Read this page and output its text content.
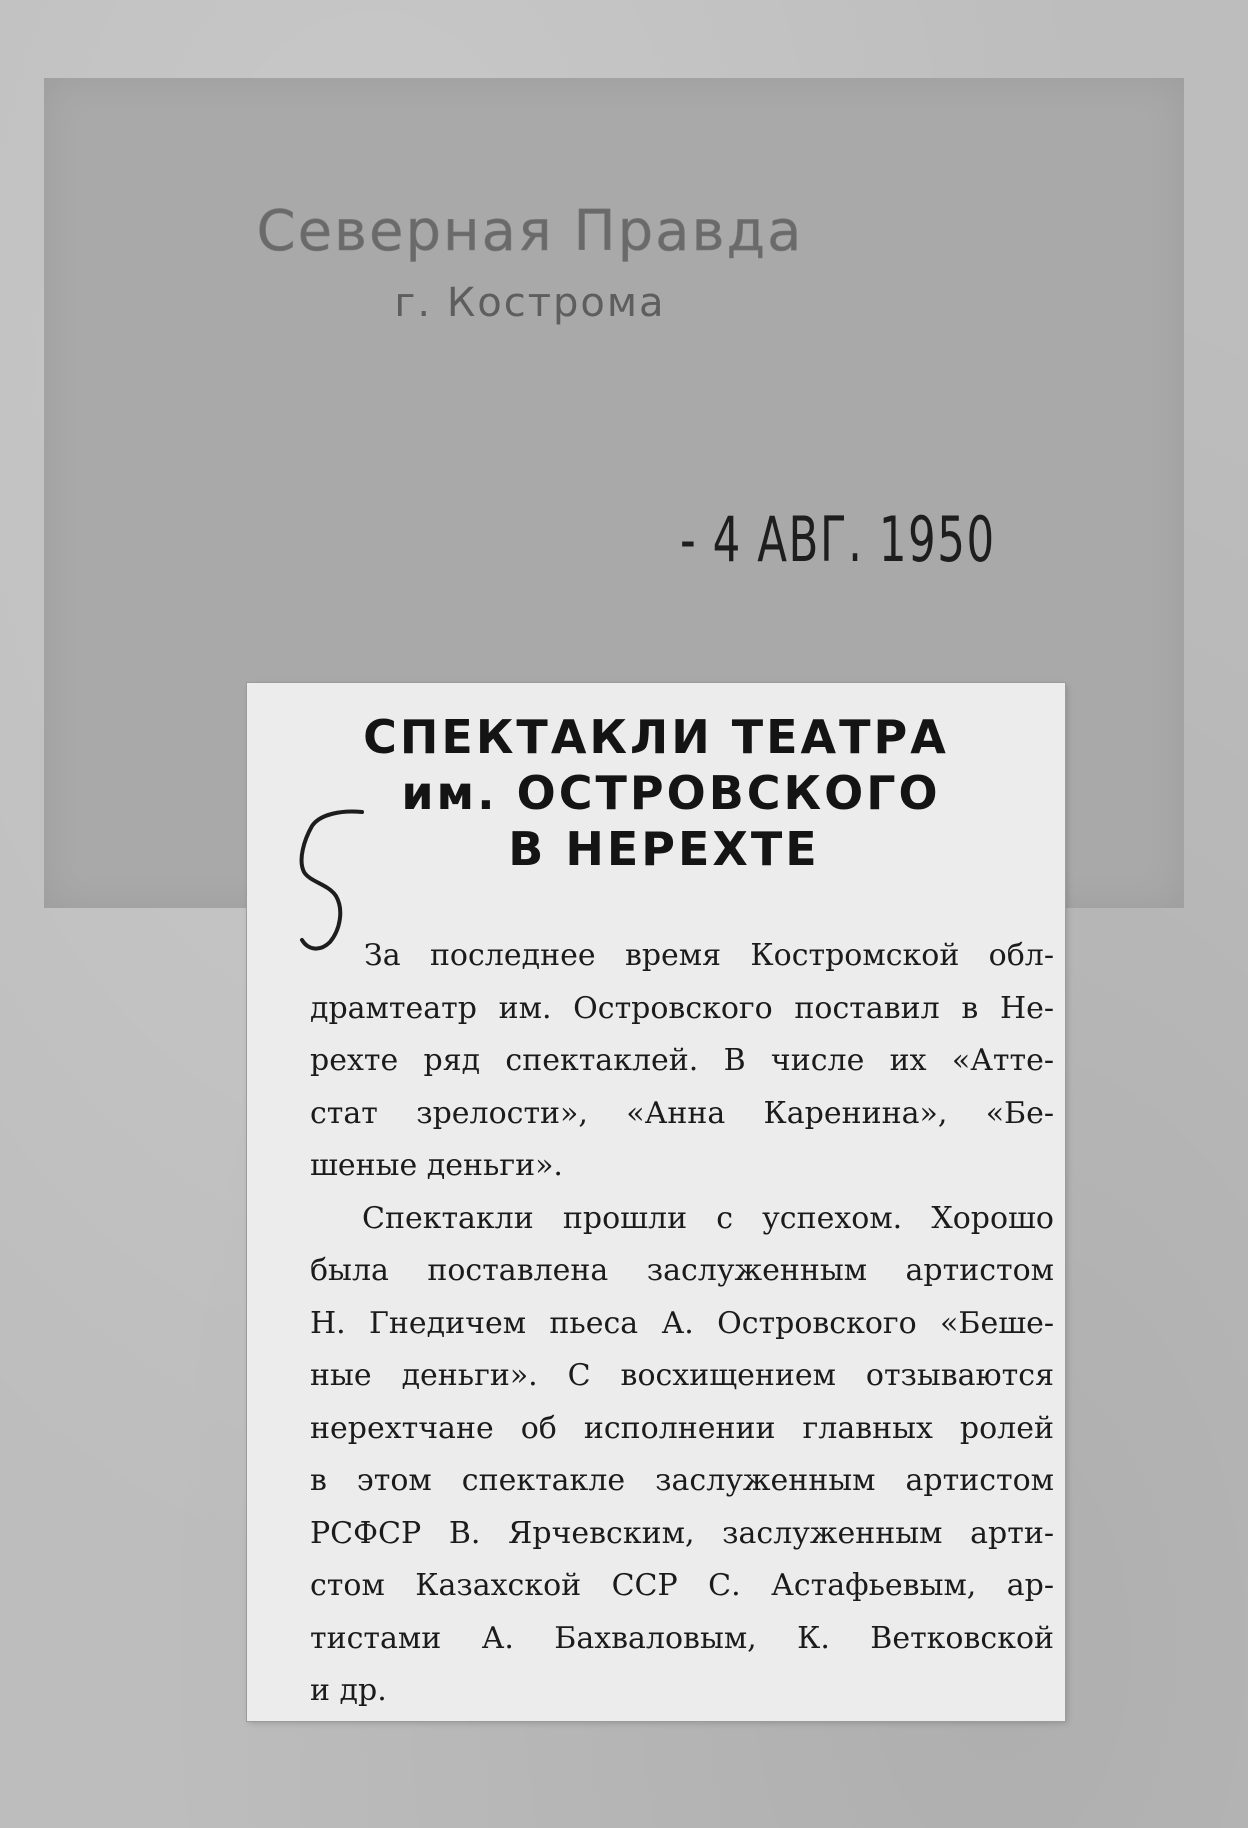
Северная Правда
г. Кострома
- 4 АВГ. 1950
СПЕКТАКЛИ ТЕАТРА
им. ОСТРОВСКОГО
В НЕРЕХТЕ
За последнее время Костромской обл-
драмтеатр им. Островского поставил в Не-
рехте ряд спектаклей. В числе их «Атте-
стат зрелости», «Анна Каренина», «Бе-
шеные деньги».
Спектакли прошли с успехом. Хорошо
была поставлена заслуженным артистом
Н. Гнедичем пьеса А. Островского «Беше-
ные деньги». С восхищением отзываются
нерехтчане об исполнении главных ролей
в этом спектакле заслуженным артистом
РСФСР В. Ярчевским, заслуженным арти-
стом Казахской ССР С. Астафьевым, ар-
тистами А. Бахваловым, К. Ветковской
и др.
